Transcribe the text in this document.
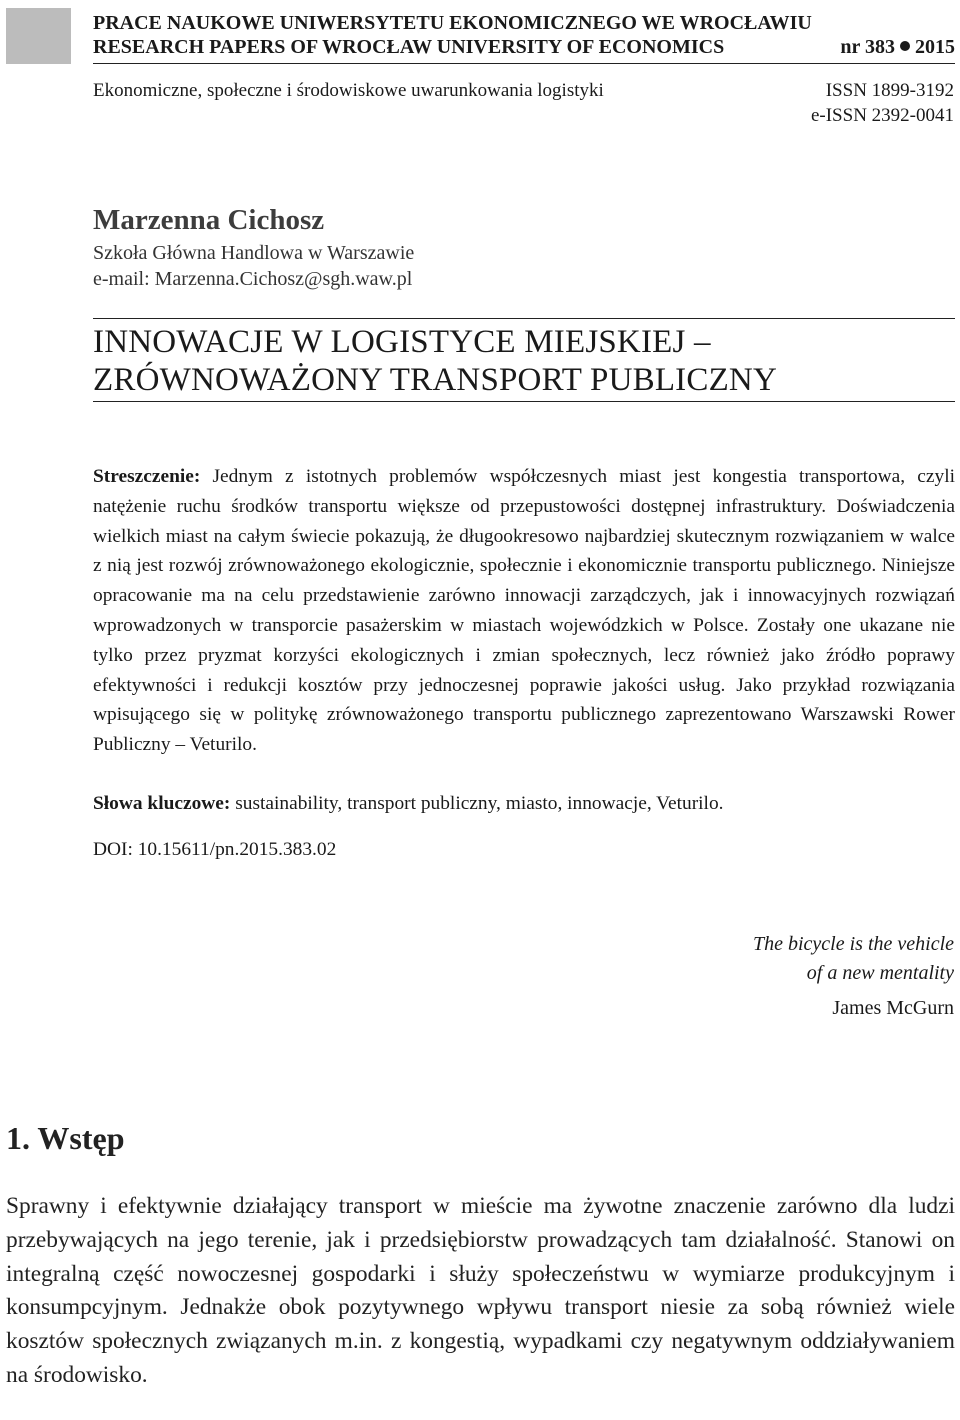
PRACE NAUKOWE UNIWERSYTETU EKONOMICZNEGO WE WROCŁAWIU
RESEARCH PAPERS OF WROCŁAW UNIVERSITY OF ECONOMICS	nr 383 2015
Ekonomiczne, społeczne i środowiskowe uwarunkowania logistyki	ISSN 1899-3192
e-ISSN 2392-0041
Marzenna Cichosz
Szkoła Główna Handlowa w Warszawie
e-mail: Marzenna.Cichosz@sgh.waw.pl
INNOWACJE W LOGISTYCE MIEJSKIEJ –
ZRÓWNOWAŻONY TRANSPORT PUBLICZNY

Streszczenie: Jednym z istotnych problemów współczesnych miast jest kongestia transportowa, czyli natężenie ruchu środków transportu większe od przepustowości dostępnej infrastruktury. Doświadczenia wielkich miast na całym świecie pokazują, że długookresowo najbardziej skutecznym rozwiązaniem w walce z nią jest rozwój zrównoważonego ekologicznie, społecznie i ekonomicznie transportu publicznego. Niniejsze opracowanie ma na celu przedstawienie zarówno innowacji zarządczych, jak i innowacyjnych rozwiązań wprowadzonych w transporcie pasażerskim w miastach wojewódzkich w Polsce. Zostały one ukazane nie tylko przez pryzmat korzyści ekologicznych i zmian społecznych, lecz również jako źródło poprawy efektywności i redukcji kosztów przy jednoczesnej poprawie jakości usług. Jako przykład rozwiązania wpisującego się w politykę zrównoważonego transportu publicznego zaprezentowano Warszawski Rower Publiczny – Veturilo.

Słowa kluczowe: sustainability, transport publiczny, miasto, innowacje, Veturilo.

DOI: 10.15611/pn.2015.383.02
The bicycle is the vehicle
of a new mentality
James McGurn
1. Wstęp

Sprawny i efektywnie działający transport w mieście ma żywotne znaczenie zarówno dla ludzi przebywających na jego terenie, jak i przedsiębiorstw prowadzących tam działalność. Stanowi on integralną część nowoczesnej gospodarki i służy społeczeństwu w wymiarze produkcyjnym i konsumpcyjnym. Jednakże obok pozytywnego wpływu transport niesie za sobą również wiele kosztów społecznych związanych m.in. z kongestią, wypadkami czy negatywnym oddziaływaniem na środowisko.
